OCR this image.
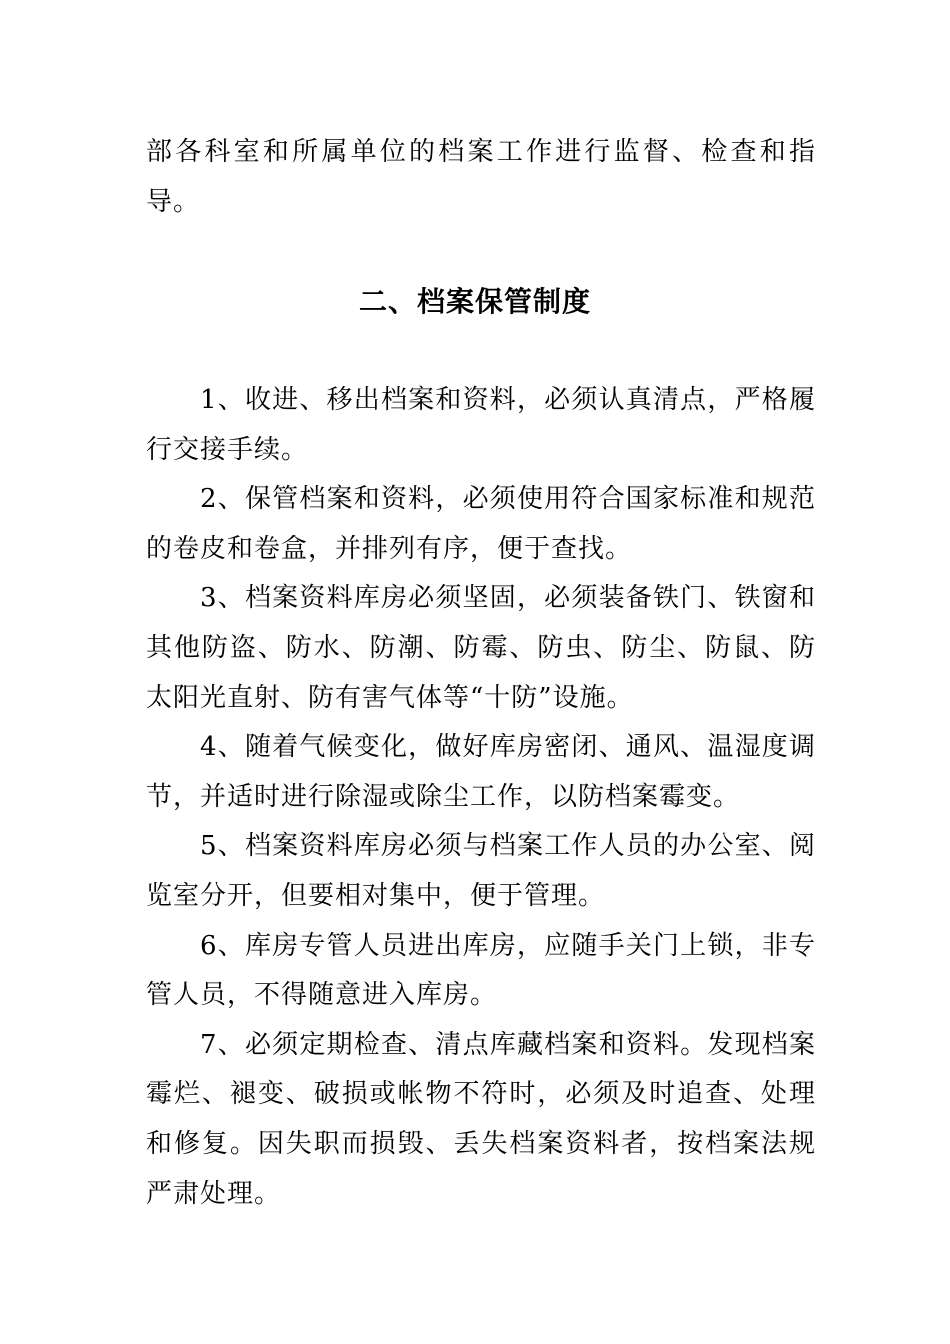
部各科室和所属单位的档案工作进行监督、检查和指导。

二、档案保管制度

1、收进、移出档案和资料，必须认真清点，严格履行交接手续。

2、保管档案和资料，必须使用符合国家标准和规范的卷皮和卷盒，并排列有序，便于查找。

3、档案资料库房必须坚固，必须装备铁门、铁窗和其他防盗、防水、防潮、防霉、防虫、防尘、防鼠、防太阳光直射、防有害气体等“十防”设施。

4、随着气候变化，做好库房密闭、通风、温湿度调节，并适时进行除湿或除尘工作，以防档案霉变。

5、档案资料库房必须与档案工作人员的办公室、阅览室分开，但要相对集中，便于管理。

6、库房专管人员进出库房，应随手关门上锁，非专管人员，不得随意进入库房。

7、必须定期检查、清点库藏档案和资料。发现档案霉烂、褪变、破损或帐物不符时，必须及时追查、处理和修复。因失职而损毁、丢失档案资料者，按档案法规严肃处理。
